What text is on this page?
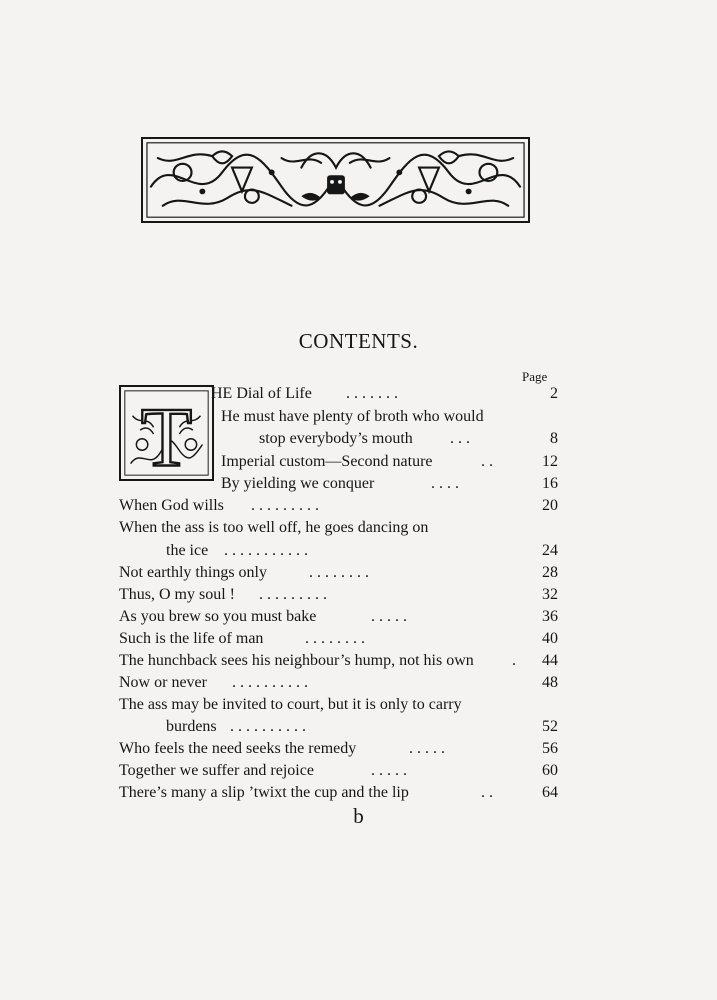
CONTENTS.
Page
T HE Dial of Life . . . . . . .	2
He must have plenty of broth who would
stop everybody’s mouth . . .	8
Imperial custom—Second nature	. .	12
By yielding we conquer	. . . .	16
When God wills . . . . . . . . .	20
When the ass is too well off, he goes dancing on
the ice . . . . . . . . . . .	24
Not earthly things only	. . . . . . . .	28
Thus, O my soul ! . . . . . . . . .	32
As you brew so you must bake	. . . . .	36
Such is the life of man	. . . . . . . .	40
The hunchback sees his neighbour’s hump, not his own . 44
Now or never . . . . . . . . . .	48
The ass may be invited to court, but it is only to carry
burdens . . . . . . . . . .	52
Who feels the need seeks the remedy	. . . . .	56
Together we suffer and rejoice	. . . . .	60
There’s many a slip ’twixt the cup and the lip	. .	64
b
